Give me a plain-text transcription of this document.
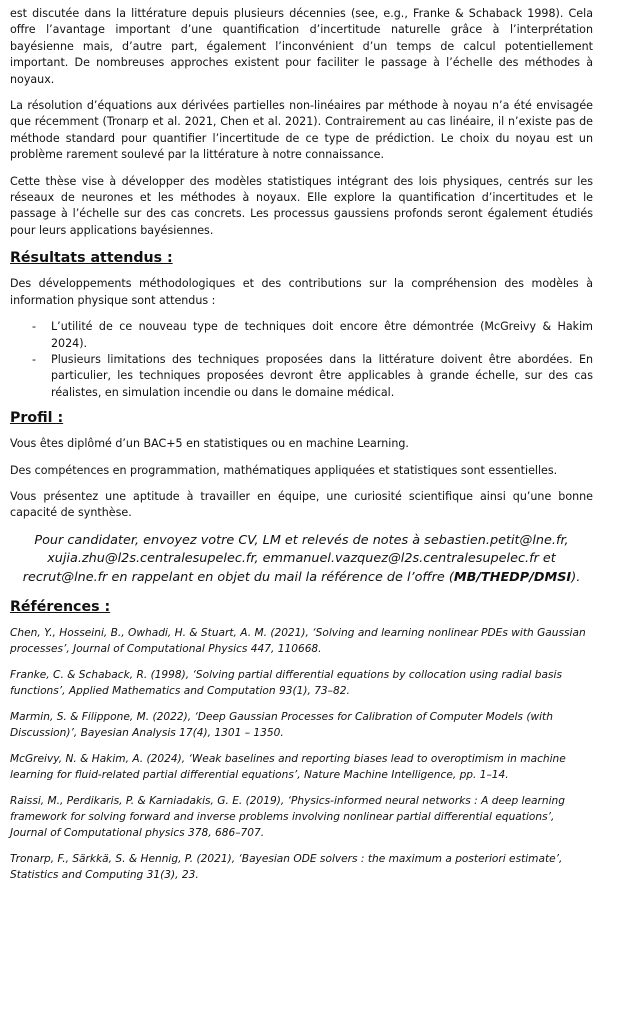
est discutée dans la littérature depuis plusieurs décennies (see, e.g., Franke & Schaback 1998). Cela offre l’avantage important d’une quantification d’incertitude naturelle grâce à l’interprétation bayésienne mais, d’autre part, également l’inconvénient d’un temps de calcul potentiellement important. De nombreuses approches existent pour faciliter le passage à l’échelle des méthodes à noyaux.

La résolution d’équations aux dérivées partielles non-linéaires par méthode à noyau n’a été envisagée que récemment (Tronarp et al. 2021, Chen et al. 2021). Contrairement au cas linéaire, il n’existe pas de méthode standard pour quantifier l’incertitude de ce type de prédiction. Le choix du noyau est un problème rarement soulevé par la littérature à notre connaissance.

Cette thèse vise à développer des modèles statistiques intégrant des lois physiques, centrés sur les réseaux de neurones et les méthodes à noyaux. Elle explore la quantification d’incertitudes et le passage à l’échelle sur des cas concrets. Les processus gaussiens profonds seront également étudiés pour leurs applications bayésiennes.

Résultats attendus :

Des développements méthodologiques et des contributions sur la compréhension des modèles à information physique sont attendus :

- L’utilité de ce nouveau type de techniques doit encore être démontrée (McGreivy & Hakim 2024).
- Plusieurs limitations des techniques proposées dans la littérature doivent être abordées. En particulier, les techniques proposées devront être applicables à grande échelle, sur des cas réalistes, en simulation incendie ou dans le domaine médical.
Profil :

Vous êtes diplômé d’un BAC+5 en statistiques ou en machine Learning.

Des compétences en programmation, mathématiques appliquées et statistiques sont essentielles.

Vous présentez une aptitude à travailler en équipe, une curiosité scientifique ainsi qu’une bonne capacité de synthèse.

Pour candidater, envoyez votre CV, LM et relevés de notes à sebastien.petit@lne.fr, xujia.zhu@l2s.centralesupelec.fr, emmanuel.vazquez@l2s.centralesupelec.fr et recrut@lne.fr en rappelant en objet du mail la référence de l’offre (MB/THEDP/DMSI).
Références :

Chen, Y., Hosseini, B., Owhadi, H. & Stuart, A. M. (2021), ‘Solving and learning nonlinear PDEs with Gaussian processes’, Journal of Computational Physics 447, 110668.

Franke, C. & Schaback, R. (1998), ‘Solving partial differential equations by collocation using radial basis functions’, Applied Mathematics and Computation 93(1), 73–82.

Marmin, S. & Filippone, M. (2022), ‘Deep Gaussian Processes for Calibration of Computer Models (with Discussion)’, Bayesian Analysis 17(4), 1301 – 1350.

McGreivy, N. & Hakim, A. (2024), ‘Weak baselines and reporting biases lead to overoptimism in machine learning for fluid-related partial differential equations’, Nature Machine Intelligence, pp. 1–14.

Raissi, M., Perdikaris, P. & Karniadakis, G. E. (2019), ‘Physics-informed neural networks : A deep learning framework for solving forward and inverse problems involving nonlinear partial differential equations’, Journal of Computational physics 378, 686–707.

Tronarp, F., Särkkä, S. & Hennig, P. (2021), ‘Bayesian ODE solvers : the maximum a posteriori estimate’, Statistics and Computing 31(3), 23.
